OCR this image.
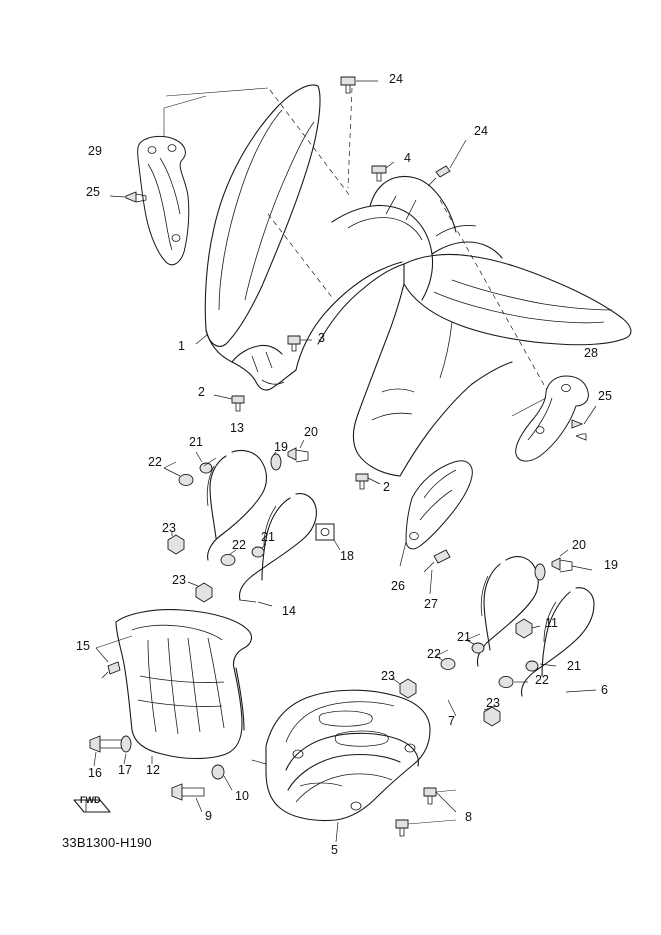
24
24
29	4
25
1
3
28
2	25
13	20
21
22
19
2
23
22
21
18
20
23
19
14
26
27
11
15
21
22
21
6
22
23
23
16 17 12
7
10
9	8
5
FWD
33B1300-H190
